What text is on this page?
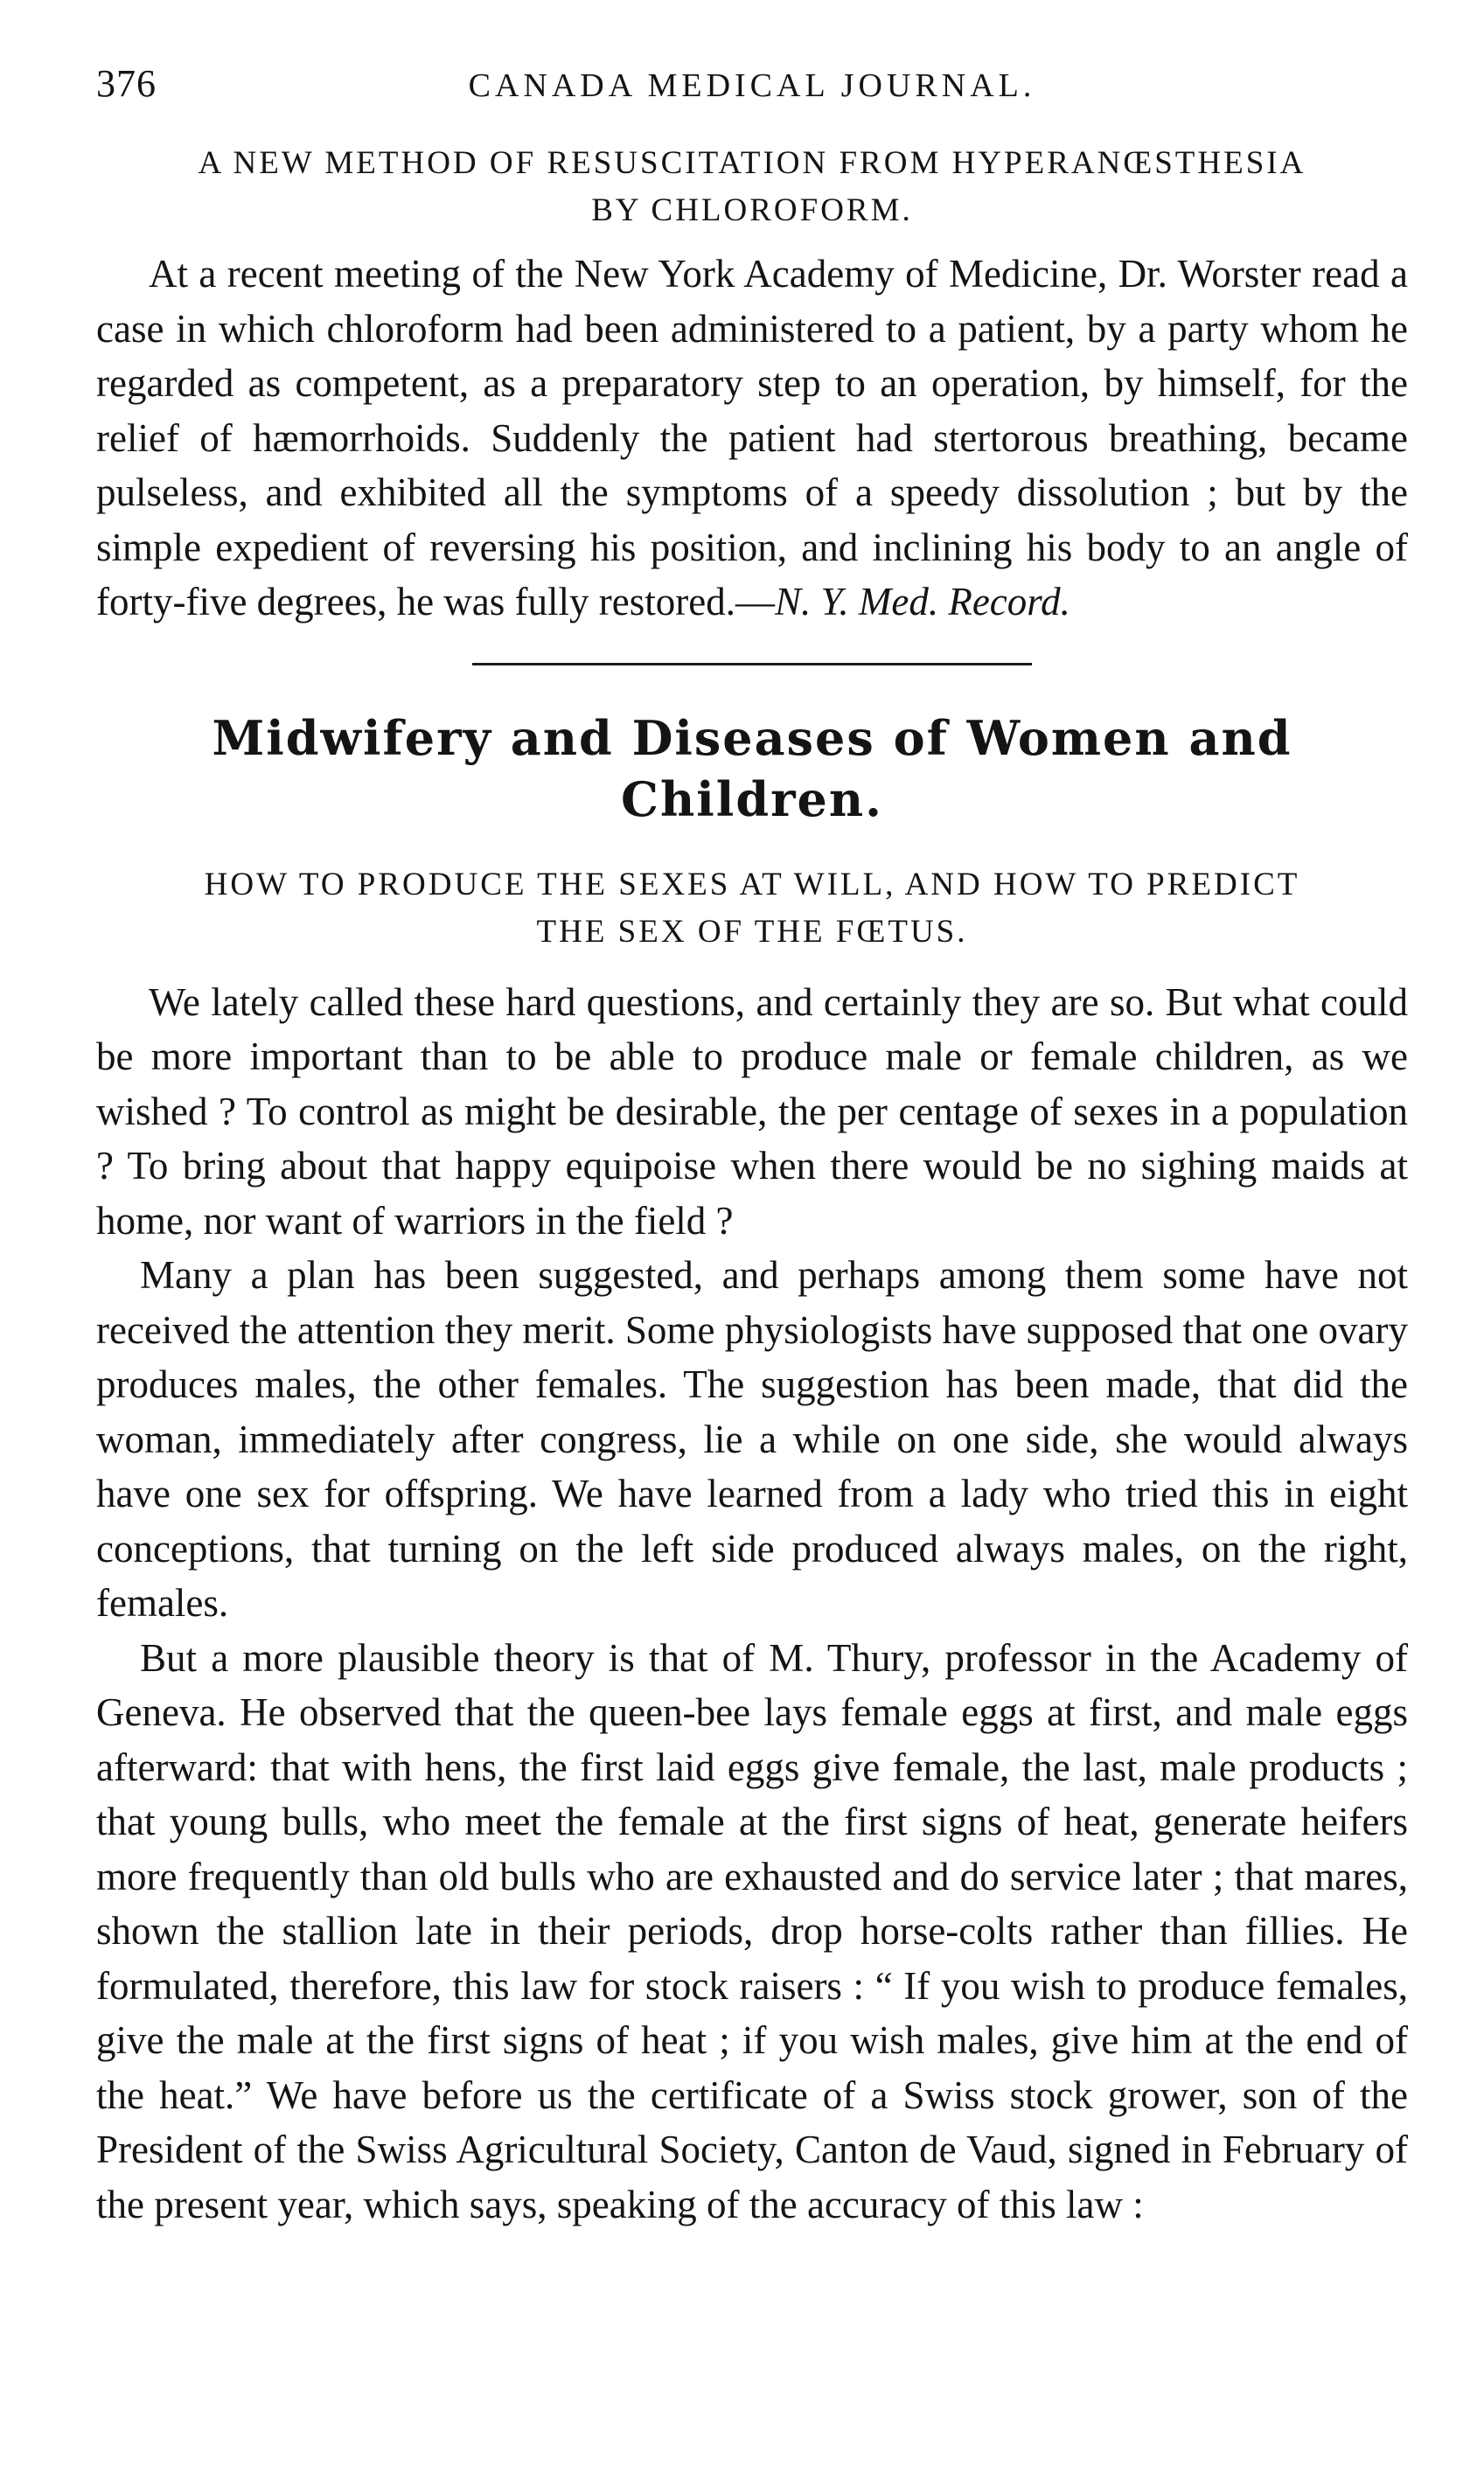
376	CANADA MEDICAL JOURNAL.
A NEW METHOD OF RESUSCITATION FROM HYPERANŒSTHESIA
BY CHLOROFORM.

At a recent meeting of the New York Academy of Medicine, Dr. Worster read a case in which chloroform had been administered to a patient, by a party whom he regarded as competent, as a preparatory step to an operation, by himself, for the relief of hæmorrhoids. Suddenly the patient had stertorous breathing, became pulseless, and exhibited all the symptoms of a speedy dissolution ; but by the simple expedient of reversing his position, and inclining his body to an angle of forty-five degrees, he was fully restored.—N. Y. Med. Record.

Midwifery and Diseases of Women and Children.
HOW TO PRODUCE THE SEXES AT WILL, AND HOW TO PREDICT
THE SEX OF THE FŒTUS.

We lately called these hard questions, and certainly they are so. But what could be more important than to be able to produce male or female children, as we wished ? To control as might be desirable, the per centage of sexes in a population ? To bring about that happy equipoise when there would be no sighing maids at home, nor want of warriors in the field ?

Many a plan has been suggested, and perhaps among them some have not received the attention they merit. Some physiologists have supposed that one ovary produces males, the other females. The suggestion has been made, that did the woman, immediately after congress, lie a while on one side, she would always have one sex for offspring. We have learned from a lady who tried this in eight conceptions, that turning on the left side produced always males, on the right, females.

But a more plausible theory is that of M. Thury, professor in the Academy of Geneva. He observed that the queen-bee lays female eggs at first, and male eggs afterward: that with hens, the first laid eggs give female, the last, male products ; that young bulls, who meet the female at the first signs of heat, generate heifers more frequently than old bulls who are exhausted and do service later ; that mares, shown the stallion late in their periods, drop horse-colts rather than fillies. He formulated, therefore, this law for stock raisers : “ If you wish to produce females, give the male at the first signs of heat ; if you wish males, give him at the end of the heat.” We have before us the certificate of a Swiss stock grower, son of the President of the Swiss Agricultural Society, Canton de Vaud, signed in February of the present year, which says, speaking of the accuracy of this law :
